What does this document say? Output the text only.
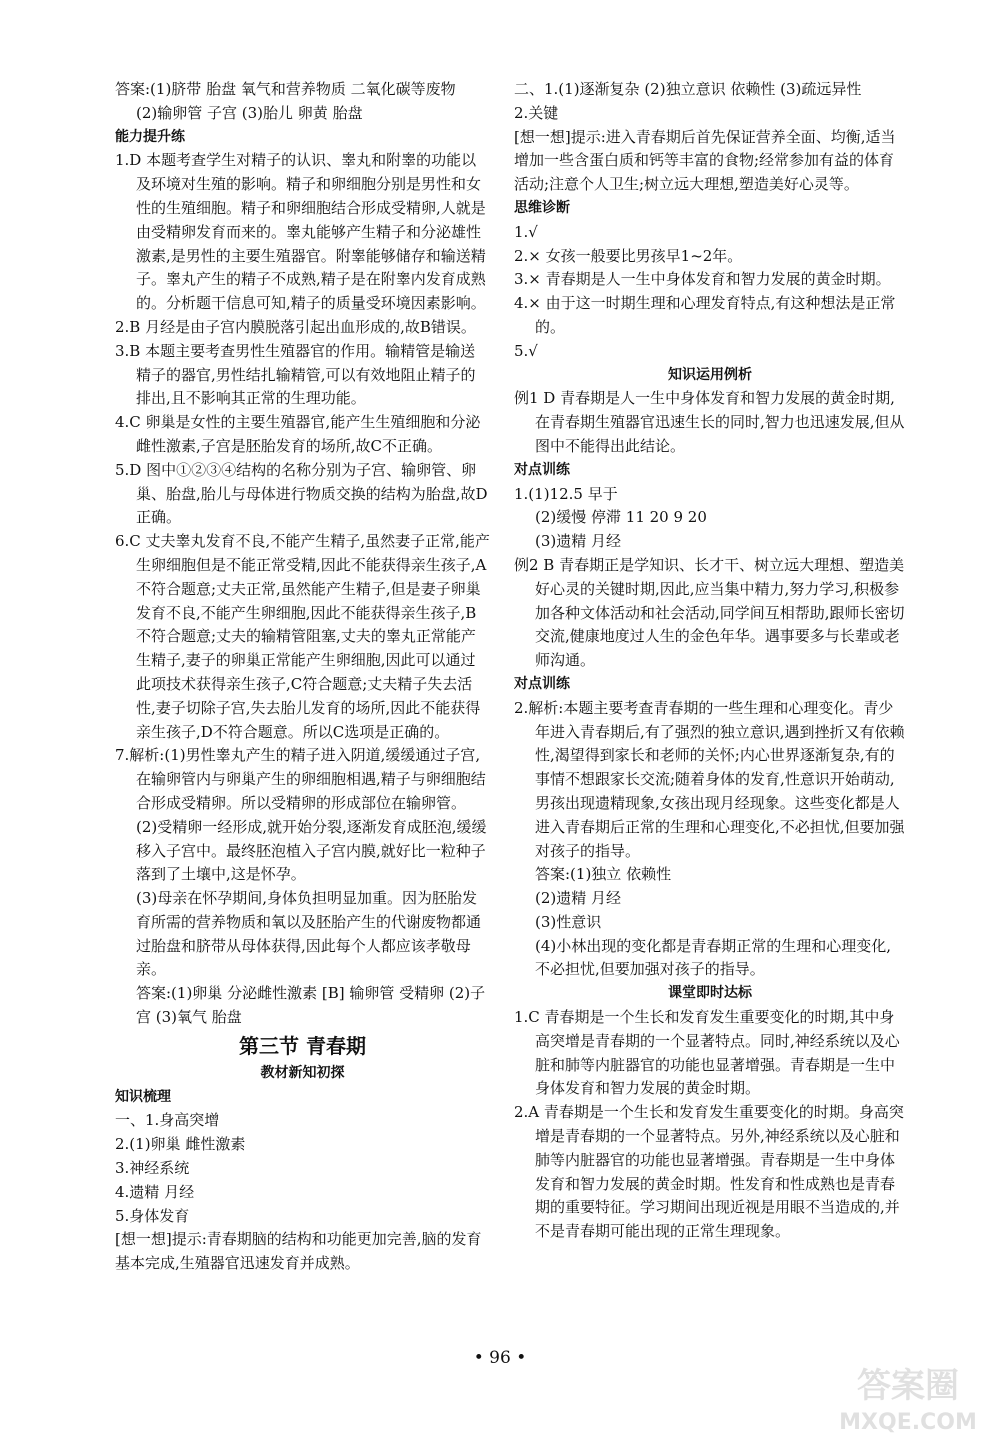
答案:(1)脐带 胎盘 氧气和营养物质 二氧化碳等废物
(2)输卵管 子宫 (3)胎儿 卵黄 胎盘
能力提升练
1.D 本题考查学生对精子的认识、睾丸和附睾的功能以及环境对生殖的影响。精子和卵细胞分别是男性和女性的生殖细胞。精子和卵细胞结合形成受精卵,人就是由受精卵发育而来的。睾丸能够产生精子和分泌雄性激素,是男性的主要生殖器官。附睾能够储存和输送精子。睾丸产生的精子不成熟,精子是在附睾内发育成熟的。分析题干信息可知,精子的质量受环境因素影响。
2.B 月经是由子宫内膜脱落引起出血形成的,故B错误。
3.B 本题主要考查男性生殖器官的作用。输精管是输送精子的器官,男性结扎输精管,可以有效地阻止精子的排出,且不影响其正常的生理功能。
4.C 卵巢是女性的主要生殖器官,能产生生殖细胞和分泌雌性激素,子宫是胚胎发育的场所,故C不正确。
5.D 图中①②③④结构的名称分别为子宫、输卵管、卵巢、胎盘,胎儿与母体进行物质交换的结构为胎盘,故D正确。
6.C 丈夫睾丸发育不良,不能产生精子,虽然妻子正常,能产生卵细胞但是不能正常受精,因此不能获得亲生孩子,A不符合题意;丈夫正常,虽然能产生精子,但是妻子卵巢发育不良,不能产生卵细胞,因此不能获得亲生孩子,B不符合题意;丈夫的输精管阻塞,丈夫的睾丸正常能产生精子,妻子的卵巢正常能产生卵细胞,因此可以通过此项技术获得亲生孩子,C符合题意;丈夫精子失去活性,妻子切除子宫,失去胎儿发育的场所,因此不能获得亲生孩子,D不符合题意。所以C选项是正确的。
7.解析:(1)男性睾丸产生的精子进入阴道,缓缓通过子宫,在输卵管内与卵巢产生的卵细胞相遇,精子与卵细胞结合形成受精卵。所以受精卵的形成部位在输卵管。
(2)受精卵一经形成,就开始分裂,逐渐发育成胚泡,缓缓移入子宫中。最终胚泡植入子宫内膜,就好比一粒种子落到了土壤中,这是怀孕。
(3)母亲在怀孕期间,身体负担明显加重。因为胚胎发育所需的营养物质和氧以及胚胎产生的代谢废物都通过胎盘和脐带从母体获得,因此每个人都应该孝敬母亲。
答案:(1)卵巢 分泌雌性激素 [B] 输卵管 受精卵 (2)子宫 (3)氧气 胎盘
第三节 青春期
教材新知初探
知识梳理
一、1.身高突增
2.(1)卵巢 雌性激素
3.神经系统
4.遗精 月经
5.身体发育
[想一想]提示:青春期脑的结构和功能更加完善,脑的发育基本完成,生殖器官迅速发育并成熟。
二、1.(1)逐渐复杂 (2)独立意识 依赖性 (3)疏远异性
2.关键
[想一想]提示:进入青春期后首先保证营养全面、均衡,适当增加一些含蛋白质和钙等丰富的食物;经常参加有益的体育活动;注意个人卫生;树立远大理想,塑造美好心灵等。
思维诊断
1.√
2.× 女孩一般要比男孩早1~2年。
3.× 青春期是人一生中身体发育和智力发展的黄金时期。
4.× 由于这一时期生理和心理发育特点,有这种想法是正常的。
5.√
知识运用例析
例1 D 青春期是人一生中身体发育和智力发展的黄金时期,在青春期生殖器官迅速生长的同时,智力也迅速发展,但从图中不能得出此结论。
对点训练
1.(1)12.5 早于
(2)缓慢 停滞 11 20 9 20
(3)遗精 月经
例2 B 青春期正是学知识、长才干、树立远大理想、塑造美好心灵的关键时期,因此,应当集中精力,努力学习,积极参加各种文体活动和社会活动,同学间互相帮助,跟师长密切交流,健康地度过人生的金色年华。遇事要多与长辈或老师沟通。
对点训练
2.解析:本题主要考查青春期的一些生理和心理变化。青少年进入青春期后,有了强烈的独立意识,遇到挫折又有依赖性,渴望得到家长和老师的关怀;内心世界逐渐复杂,有的事情不想跟家长交流;随着身体的发育,性意识开始萌动,男孩出现遗精现象,女孩出现月经现象。这些变化都是人进入青春期后正常的生理和心理变化,不必担忧,但要加强对孩子的指导。
答案:(1)独立 依赖性
(2)遗精 月经
(3)性意识
(4)小林出现的变化都是青春期正常的生理和心理变化,不必担忧,但要加强对孩子的指导。
课堂即时达标
1.C 青春期是一个生长和发育发生重要变化的时期,其中身高突增是青春期的一个显著特点。同时,神经系统以及心脏和肺等内脏器官的功能也显著增强。青春期是一生中身体发育和智力发展的黄金时期。
2.A 青春期是一个生长和发育发生重要变化的时期。身高突增是青春期的一个显著特点。另外,神经系统以及心脏和肺等内脏器官的功能也显著增强。青春期是一生中身体发育和智力发展的黄金时期。性发育和性成熟也是青春期的重要特征。学习期间出现近视是用眼不当造成的,并不是青春期可能出现的正常生理现象。
• 96 •
答案圈
MXQE.COM
